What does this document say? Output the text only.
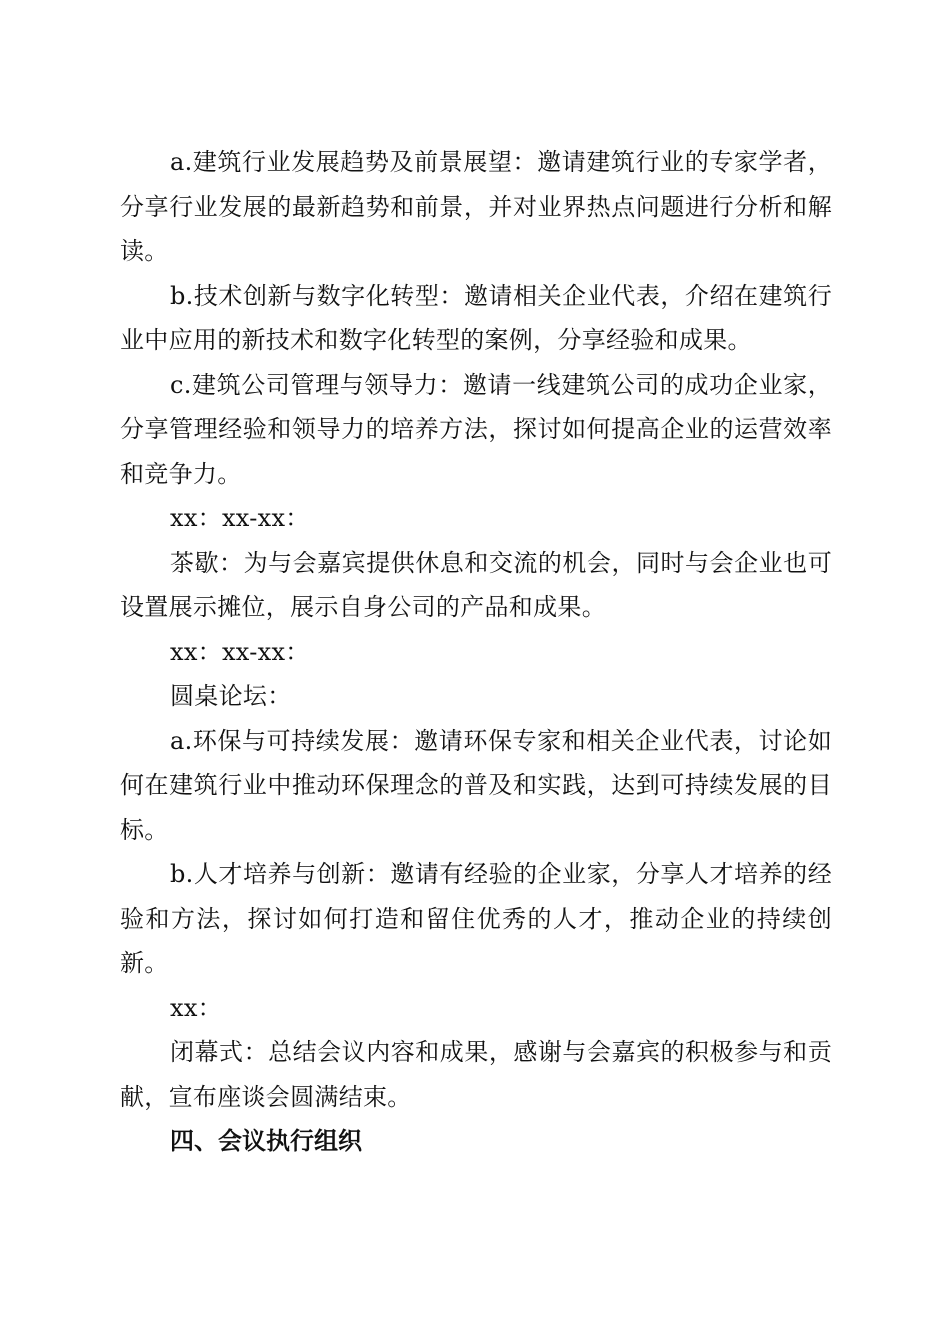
a.建筑行业发展趋势及前景展望：邀请建筑行业的专家学者，分享行业发展的最新趋势和前景，并对业界热点问题进行分析和解读。

b.技术创新与数字化转型：邀请相关企业代表，介绍在建筑行业中应用的新技术和数字化转型的案例，分享经验和成果。

c.建筑公司管理与领导力：邀请一线建筑公司的成功企业家，分享管理经验和领导力的培养方法，探讨如何提高企业的运营效率和竞争力。

xx：xx-xx：

茶歇：为与会嘉宾提供休息和交流的机会，同时与会企业也可设置展示摊位，展示自身公司的产品和成果。

xx：xx-xx：

圆桌论坛：

a.环保与可持续发展：邀请环保专家和相关企业代表，讨论如何在建筑行业中推动环保理念的普及和实践，达到可持续发展的目标。

b.人才培养与创新：邀请有经验的企业家，分享人才培养的经验和方法，探讨如何打造和留住优秀的人才，推动企业的持续创新。

xx：

闭幕式：总结会议内容和成果，感谢与会嘉宾的积极参与和贡献，宣布座谈会圆满结束。

四、会议执行组织
